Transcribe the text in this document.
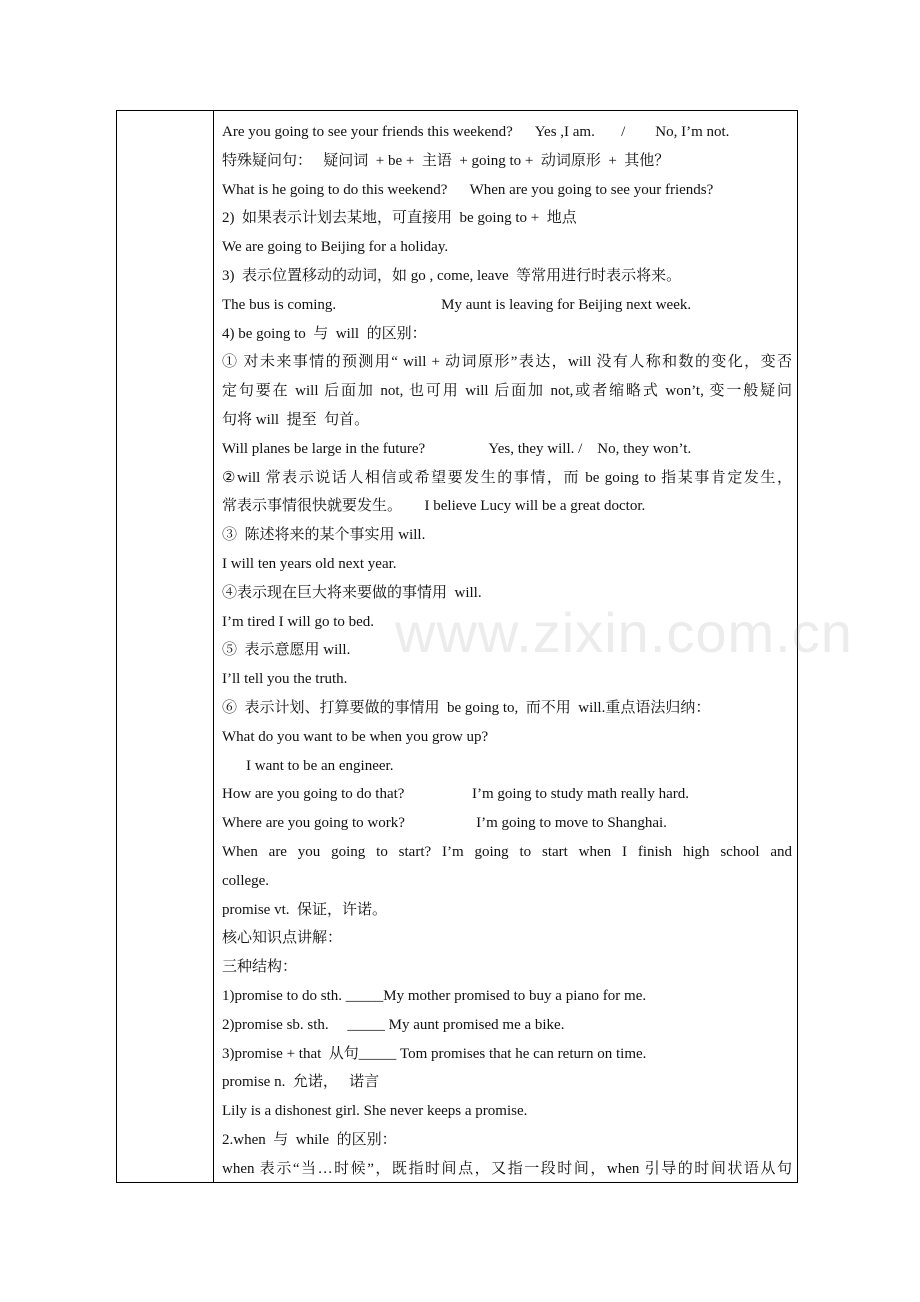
www.zixin.com.cn
Are you going to see your friends this weekend?      Yes ,I am.       /        No, I’m not.
特殊疑问句：   疑问词  + be +  主语  + going to +  动词原形  +  其他？
What is he going to do this weekend?      When are you going to see your friends?
2)  如果表示计划去某地，可直接用  be going to +  地点
We are going to Beijing for a holiday.
3)  表示位置移动的动词，如 go , come, leave  等常用进行时表示将来。
The bus is coming.                            My aunt is leaving for Beijing next week.
4) be going to  与  will  的区别：
① 对未来事情的预测用“ will + 动词原形”表达，will 没有人称和数的变化，变否
定句要在 will 后面加 not, 也可用 will 后面加 not,或者缩略式 won’t, 变一般疑问
句将 will  提至  句首。
Will planes be large in the future?                 Yes, they will. /    No, they won’t.
②will 常表示说话人相信或希望要发生的事情，而 be going to 指某事肯定发生，
常表示事情很快就要发生。      I believe Lucy will be a great doctor.
③  陈述将来的某个事实用 will.
I will ten years old next year.
④表示现在巨大将来要做的事情用  will.
I’m tired I will go to bed.
⑤  表示意愿用 will.
I’ll tell you the truth.
⑥  表示计划、打算要做的事情用  be going to,  而不用  will.重点语法归纳：
What do you want to be when you grow up?
I want to be an engineer.
How are you going to do that?                  I’m going to study math really hard.
Where are you going to work?                   I’m going to move to Shanghai.
When are you going to start? I’m going to start when I finish high school and
college.
promise vt.  保证，许诺。
核心知识点讲解：
三种结构：
1)promise to do sth. _____My mother promised to buy a piano for me.
2)promise sb. sth.     _____ My aunt promised me a bike.
3)promise + that  从句_____ Tom promises that he can return on time.
promise n.  允诺，   诺言
Lily is a dishonest girl. She never keeps a promise.
2.when  与  while  的区别：
when 表示“当…时候”，既指时间点，又指一段时间，when 引导的时间状语从句
